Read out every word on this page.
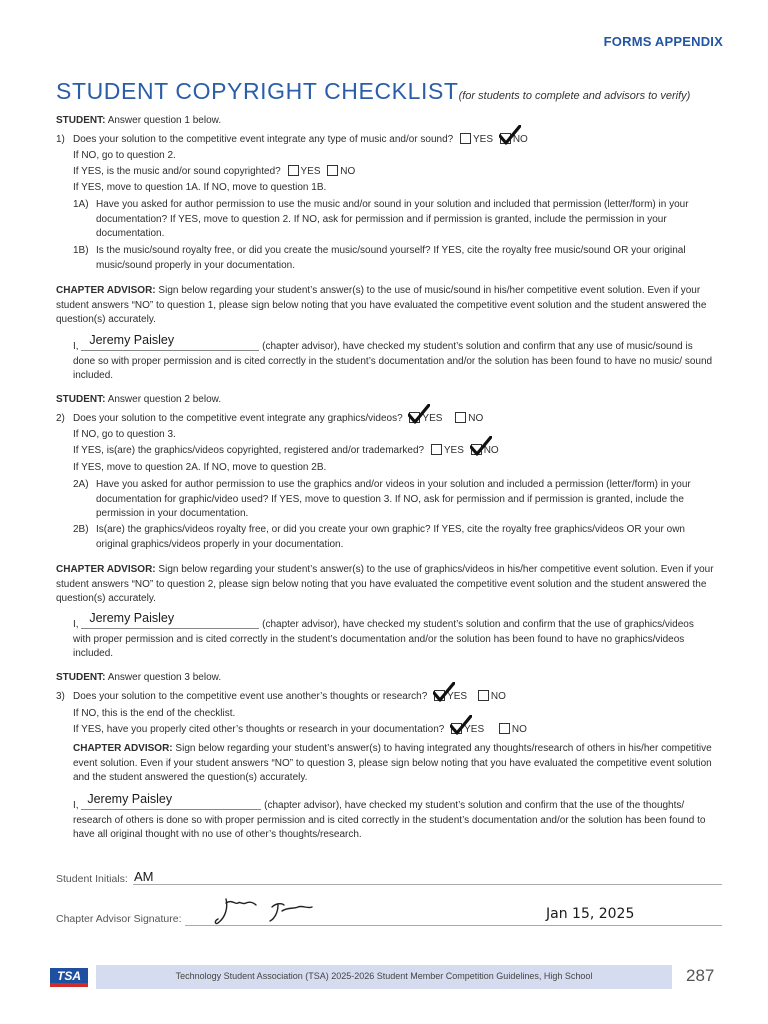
FORMS APPENDIX
STUDENT COPYRIGHT CHECKLIST(for students to complete and advisors to verify)
STUDENT: Answer question 1 below.
1) Does your solution to the competitive event integrate any type of music and/or sound? YES NO
If NO, go to question 2.
If YES, is the music and/or sound copyrighted? YES NO
If YES, move to question 1A. If NO, move to question 1B.
1A) Have you asked for author permission to use the music and/or sound in your solution and included that permission (letter/form) in your documentation? If YES, move to question 2. If NO, ask for permission and if permission is granted, include the permission in your documentation.
1B) Is the music/sound royalty free, or did you create the music/sound yourself? If YES, cite the royalty free music/sound OR your original music/sound properly in your documentation.
CHAPTER ADVISOR: Sign below regarding your student’s answer(s) to the use of music/sound in his/her competitive event solution. Even if your student answers “NO” to question 1, please sign below noting that you have evaluated the competitive event solution and the student answered the question(s) accurately.
I, Jeremy Paisley	(chapter advisor), have checked my student’s solution and confirm that any use of music/sound is done so with proper permission and is cited correctly in the student’s documentation and/or the solution has been found to have no music/ sound included.
STUDENT: Answer question 2 below.
2) Does your solution to the competitive event integrate any graphics/videos? YES	NO
If NO, go to question 3.
If YES, is(are) the graphics/videos copyrighted, registered and/or trademarked? YES NO
If YES, move to question 2A. If NO, move to question 2B.
2A) Have you asked for author permission to use the graphics and/or videos in your solution and included a permission (letter/form) in your documentation for graphic/video used? If YES, move to question 3. If NO, ask for permission and if permission is granted, include the permission in your documentation.
2B) Is(are) the graphics/videos royalty free, or did you create your own graphic? If YES, cite the royalty free graphics/videos OR your own original graphics/videos properly in your documentation.
CHAPTER ADVISOR: Sign below regarding your student’s answer(s) to the use of graphics/videos in his/her competitive event solution. Even if your student answers “NO” to question 2, please sign below noting that you have evaluated the competitive event solution and the student answered the question(s) accurately.
I, Jeremy Paisley	(chapter advisor), have checked my student’s solution and confirm that the use of graphics/videos with proper permission and is cited correctly in the student’s documentation and/or the solution has been found to have no graphics/videos included.
STUDENT: Answer question 3 below.
3) Does your solution to the competitive event use another’s thoughts or research? YES NO
If NO, this is the end of the checklist.
If YES, have you properly cited other’s thoughts or research in your documentation? YES	NO
CHAPTER ADVISOR: Sign below regarding your student’s answer(s) to having integrated any thoughts/research of others in his/her competitive event solution. Even if your student answers “NO” to question 3, please sign below noting that you have evaluated the competitive event solution and the student answered the question(s) accurately.
I, Jeremy Paisley	(chapter advisor), have checked my student’s solution and confirm that the use of the thoughts/ research of others is done so with proper permission and is cited correctly in the student’s documentation and/or the solution has been found to have all original thought with no use of other’s thoughts/research.
Student Initials: AM
Chapter Advisor Signature:	Jan 15, 2025
TSA	Technology Student Association (TSA) 2025-2026 Student Member Competition Guidelines, High School	287
